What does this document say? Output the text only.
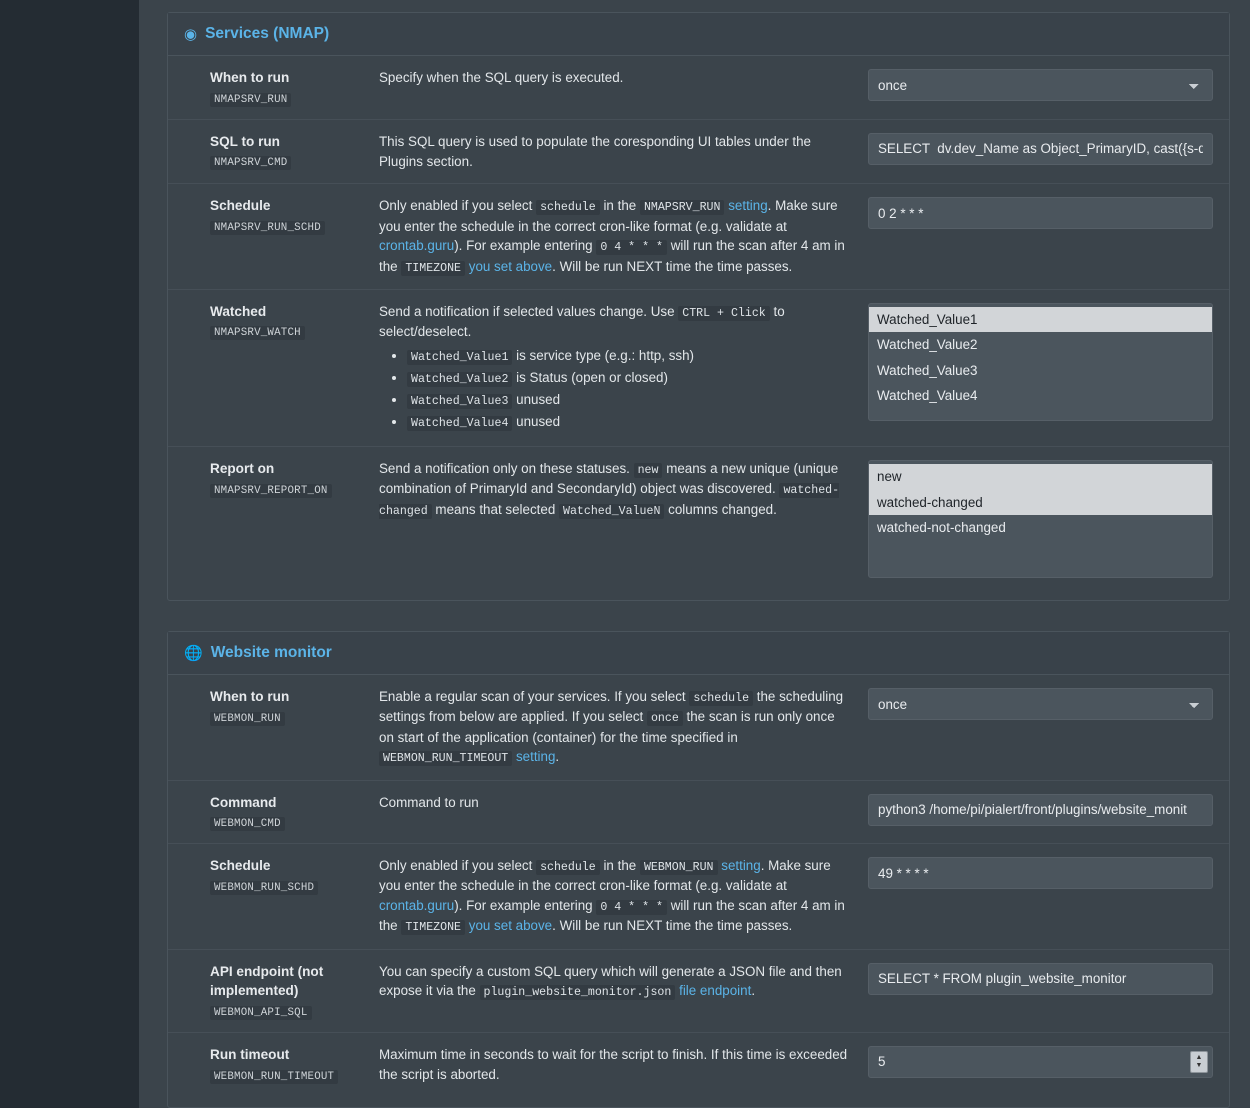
◉ Services (NMAP)
When to run
NMAPSRV_RUN
Specify when the SQL query is executed.
once
SQL to run
NMAPSRV_CMD
This SQL query is used to populate the coresponding UI tables under the Plugins section.
SELECT dv.dev_Name as Object_PrimaryID, cast({s-quo
Schedule
NMAPSRV_RUN_SCHD
Only enabled if you select schedule in the NMAPSRV_RUN setting. Make sure you enter the schedule in the correct cron-like format (e.g. validate at crontab.guru). For example entering 0 4 * * * will run the scan after 4 am in the TIMEZONE you set above. Will be run NEXT time the time passes.
0 2 * * *
Watched
NMAPSRV_WATCH
Send a notification if selected values change. Use CTRL + Click to select/deselect.
• Watched_Value1 is service type (e.g.: http, ssh)
• Watched_Value2 is Status (open or closed)
• Watched_Value3 unused
• Watched_Value4 unused
Watched_Value1
Watched_Value2
Watched_Value3
Watched_Value4
Report on
NMAPSRV_REPORT_ON
Send a notification only on these statuses. new means a new unique (unique combination of PrimaryId and SecondaryId) object was discovered. watched-changed means that selected Watched_ValueN columns changed.
new
watched-changed
watched-not-changed
🌐 Website monitor
When to run
WEBMON_RUN
Enable a regular scan of your services. If you select schedule the scheduling settings from below are applied. If you select once the scan is run only once on start of the application (container) for the time specified in WEBMON_RUN_TIMEOUT setting.
once
Command
WEBMON_CMD
Command to run
python3 /home/pi/pialert/front/plugins/website_monit
Schedule
WEBMON_RUN_SCHD
Only enabled if you select schedule in the WEBMON_RUN setting. Make sure you enter the schedule in the correct cron-like format (e.g. validate at crontab.guru). For example entering 0 4 * * * will run the scan after 4 am in the TIMEZONE you set above. Will be run NEXT time the time passes.
49 * * * *
API endpoint (not implemented)
WEBMON_API_SQL
You can specify a custom SQL query which will generate a JSON file and then expose it via the plugin_website_monitor.json file endpoint.
SELECT * FROM plugin_website_monitor
Run timeout
WEBMON_RUN_TIMEOUT
Maximum time in seconds to wait for the script to finish. If this time is exceeded the script is aborted.
5
▲
▼
